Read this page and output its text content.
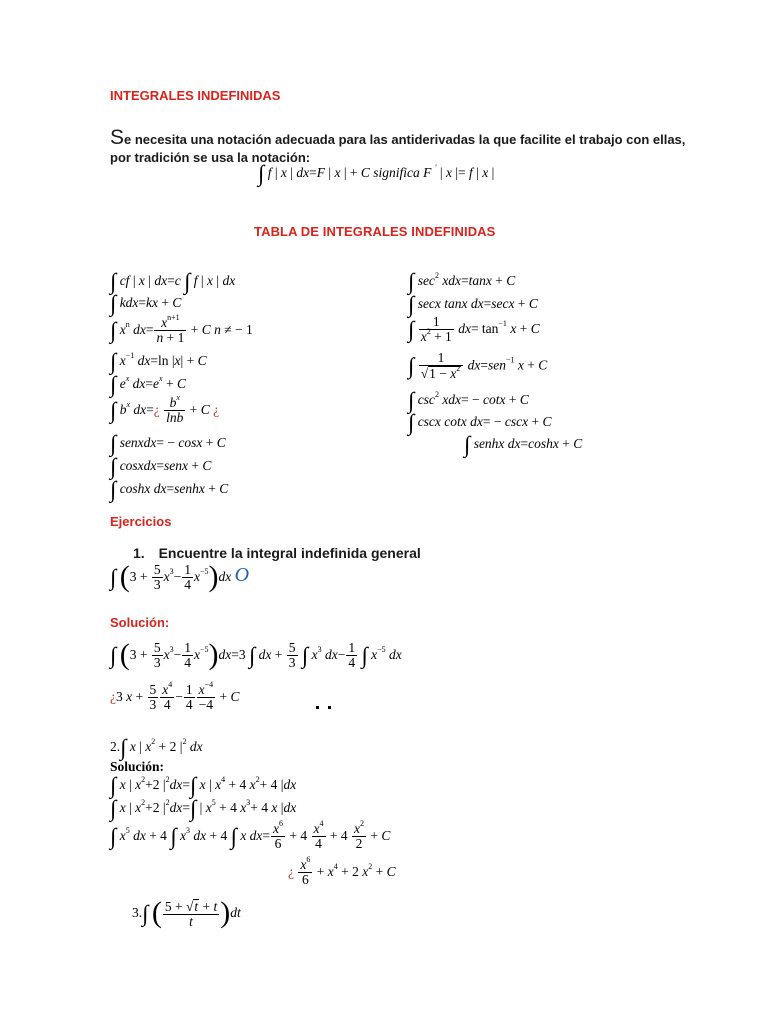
INTEGRALES INDEFINIDAS
Se necesita una notación adecuada para las antiderivadas la que facilite el trabajo con ellas,
por tradición se usa la notación:
∫ f | x | dx=F | x | + C significa F ' | x |= f | x |
TABLA DE INTEGRALES INDEFINIDAS
∫ cf | x | dx=c ∫ f | x | dx
∫ kdx=kx + C
∫ $x^n$ $dx= \frac{x^{n+1}}{n + 1} + C$ n ≠ − 1
∫ $x^{-1}$ dx=ln |x| + C
∫ $e^x$ $dx=e^x + C$
∫ $b^x$ dx=¿ $\frac{b^x}{\ln b} + C$ ¿
∫ senxdx= − cosx + C
∫ cosxdx=senx + C
∫ coshx dx=senhx + C
∫ $\sec^2 xdx=\tan x + C$
∫ secx tanx dx=secx + C
∫ $\frac{1}{x^2 + 1} dx= \tan^{-1} x + C$
∫ $\frac{1}{√1 - x^2} dx=sen^{-1}$ x + C
∫ $\csc^2 xdx= - \cot x + C$
∫ cscx cotx dx= − cscx + C
∫ senhx dx=coshx + C
Ejercicios
1. Encuentre la integral indefinida general
∫ $(3 + \frac{5}{3} x^3- \frac{1}{4} x^{-5})dx$ O
Solución:
∫ $(3 + \frac{5}{3} x^3- \frac{1}{4} x^{-5})dx=3$ ∫ dx + $\frac{5}{3}$ ∫ $x^3$ $dx- \frac{1}{4}$ ∫ $x^{-5}$ dx
¿3 $x + \frac{5}{3} \frac{x^4}{4} - \frac{1}{4} \frac{x^{-4}}{-4} + C$
2.∫ x | $x^2 + 2$ $|^2$ dx
Solución:
∫ x | $x^2+2$ $|^2dx=\int$ x | $x^4 + 4$ $x^2+ 4$ |dx
∫ x | $x^2+2$ $|^2dx=\int$ | $x^5 + 4$ $x^3+ 4$ x |dx
∫ $x^5$ dx + 4 ∫ $x^3$ dx + 4 ∫ x $dx= \frac{x^6}{6} + 4 \frac{x^4}{4} + 4 \frac{x^2}{2} + C$
¿ $\frac{x^6}{6} + x^4 + 2$ $x^2 + C$
3.∫ ( $\frac{5 + √t + t}{t} )dt$
